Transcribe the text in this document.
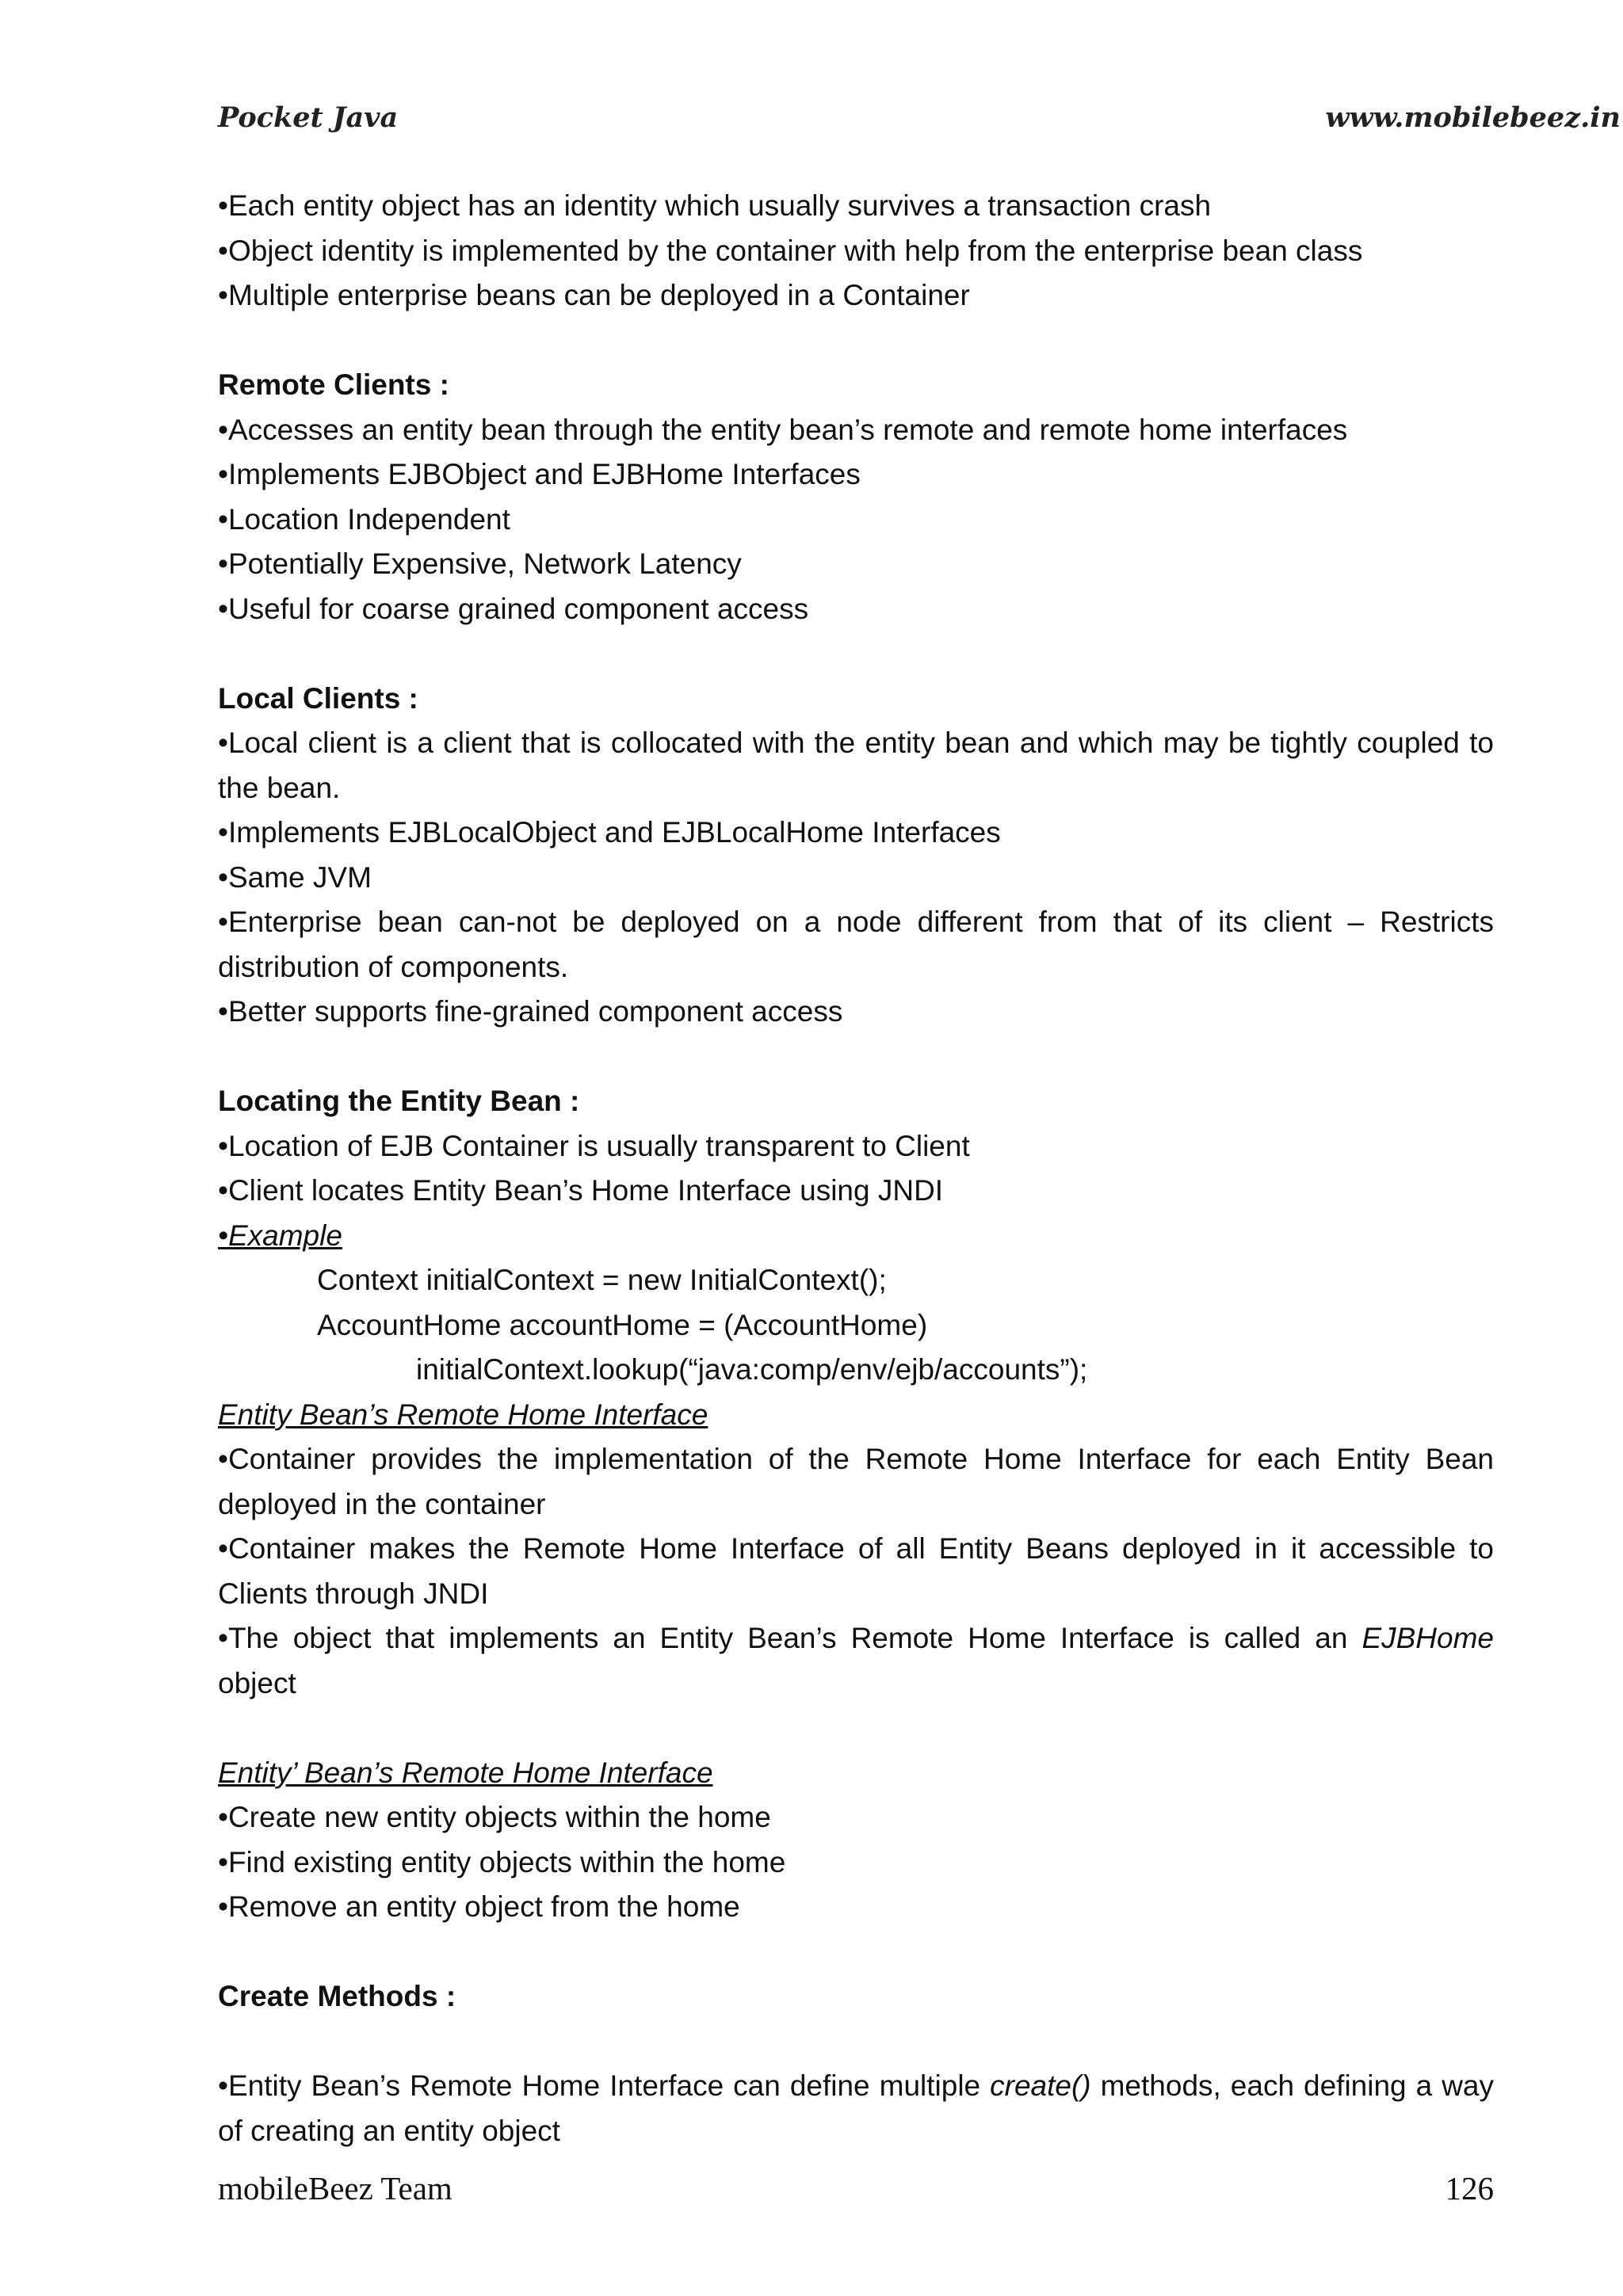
Pocket Java	www.mobilebeez.in
•Each entity object has an identity which usually survives a transaction crash
•Object identity is implemented by the container with help from the enterprise bean class
•Multiple enterprise beans can be deployed in a Container
Remote Clients :
•Accesses an entity bean through the entity bean’s remote and remote home interfaces
•Implements EJBObject and EJBHome Interfaces
•Location Independent
•Potentially Expensive, Network Latency
•Useful for coarse grained component access
Local Clients :
•Local client is a client that is collocated with the entity bean and which may be tightly coupled to the bean.
•Implements EJBLocalObject and EJBLocalHome Interfaces
•Same JVM
•Enterprise bean can-not be deployed on a node different from that of its client – Restricts distribution of components.
•Better supports fine-grained component access
Locating the Entity Bean :
•Location of EJB Container is usually transparent to Client
•Client locates Entity Bean’s Home Interface using JNDI
•Example
Context initialContext = new InitialContext();
AccountHome accountHome = (AccountHome)
initialContext.lookup(“java:comp/env/ejb/accounts”);
Entity Bean’s Remote Home Interface
•Container provides the implementation of the Remote Home Interface for each Entity Bean deployed in the container
•Container makes the Remote Home Interface of all Entity Beans deployed in it accessible to Clients through JNDI
•The object that implements an Entity Bean’s Remote Home Interface is called an EJBHome object
Entity’ Bean’s Remote Home Interface
•Create new entity objects within the home
•Find existing entity objects within the home
•Remove an entity object from the home
Create Methods :
•Entity Bean’s Remote Home Interface can define multiple create() methods, each defining a way of creating an entity object
mobileBeez Team	126
